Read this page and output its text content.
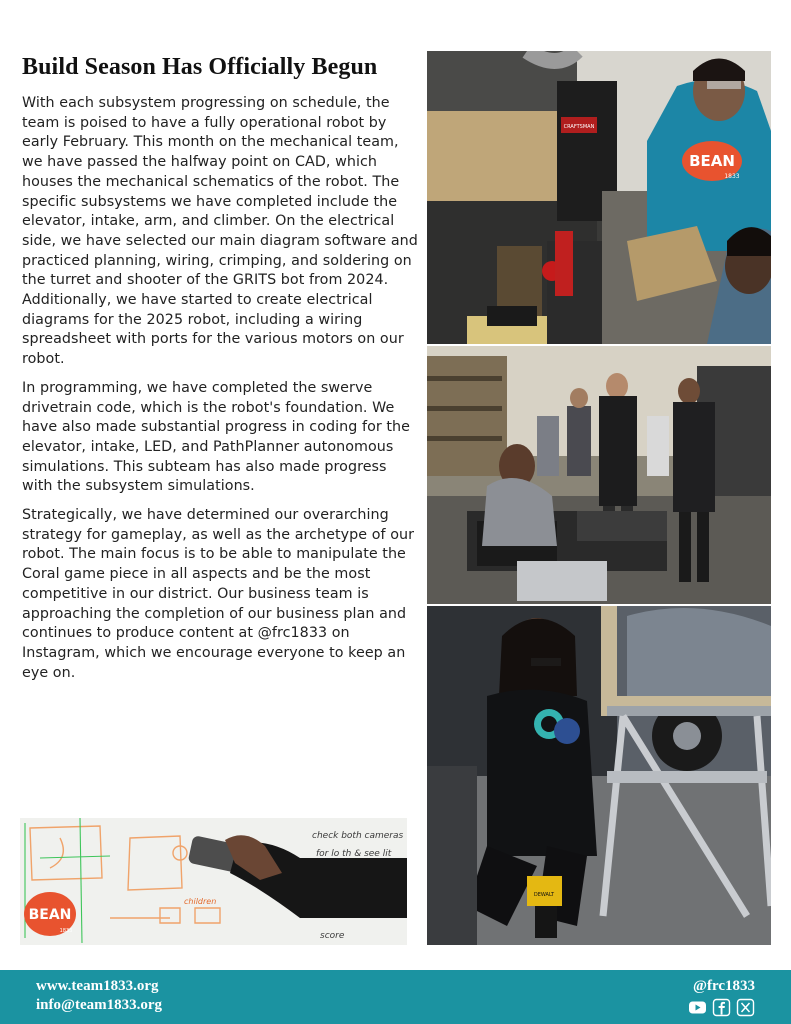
Build Season Has Officially Begun

With each subsystem progressing on schedule, the team is poised to have a fully operational robot by early February. This month on the mechanical team, we have passed the halfway point on CAD, which houses the mechanical schematics of the robot. The specific subsystems we have completed include the elevator, intake, arm, and climber. On the electrical side, we have selected our main diagram software and practiced planning, wiring, crimping, and soldering on the turret and shooter of the GRITS bot from 2024. Additionally, we have started to create electrical diagrams for the 2025 robot, including a wiring spreadsheet with ports for the various motors on our robot.

In programming, we have completed the swerve drivetrain code, which is the robot's foundation. We have also made substantial progress in coding for the elevator, intake, LED, and PathPlanner autonomous simulations. This subteam has also made progress with the subsystem simulations.

Strategically, we have determined our overarching strategy for gameplay, as well as the archetype of our robot. The main focus is to be able to manipulate the Coral game piece in all aspects and be the most competitive in our district. Our business team is approaching the completion of our business plan and continues to produce content at @frc1833 on Instagram, which we encourage everyone to keep an eye on.

CRAFTSMAN
BEAN
1833
DEWALT
check both cameras
for lo th & see lit
score
children
BEAN
1833
www.team1833.org
info@team1833.org
@frc1833
